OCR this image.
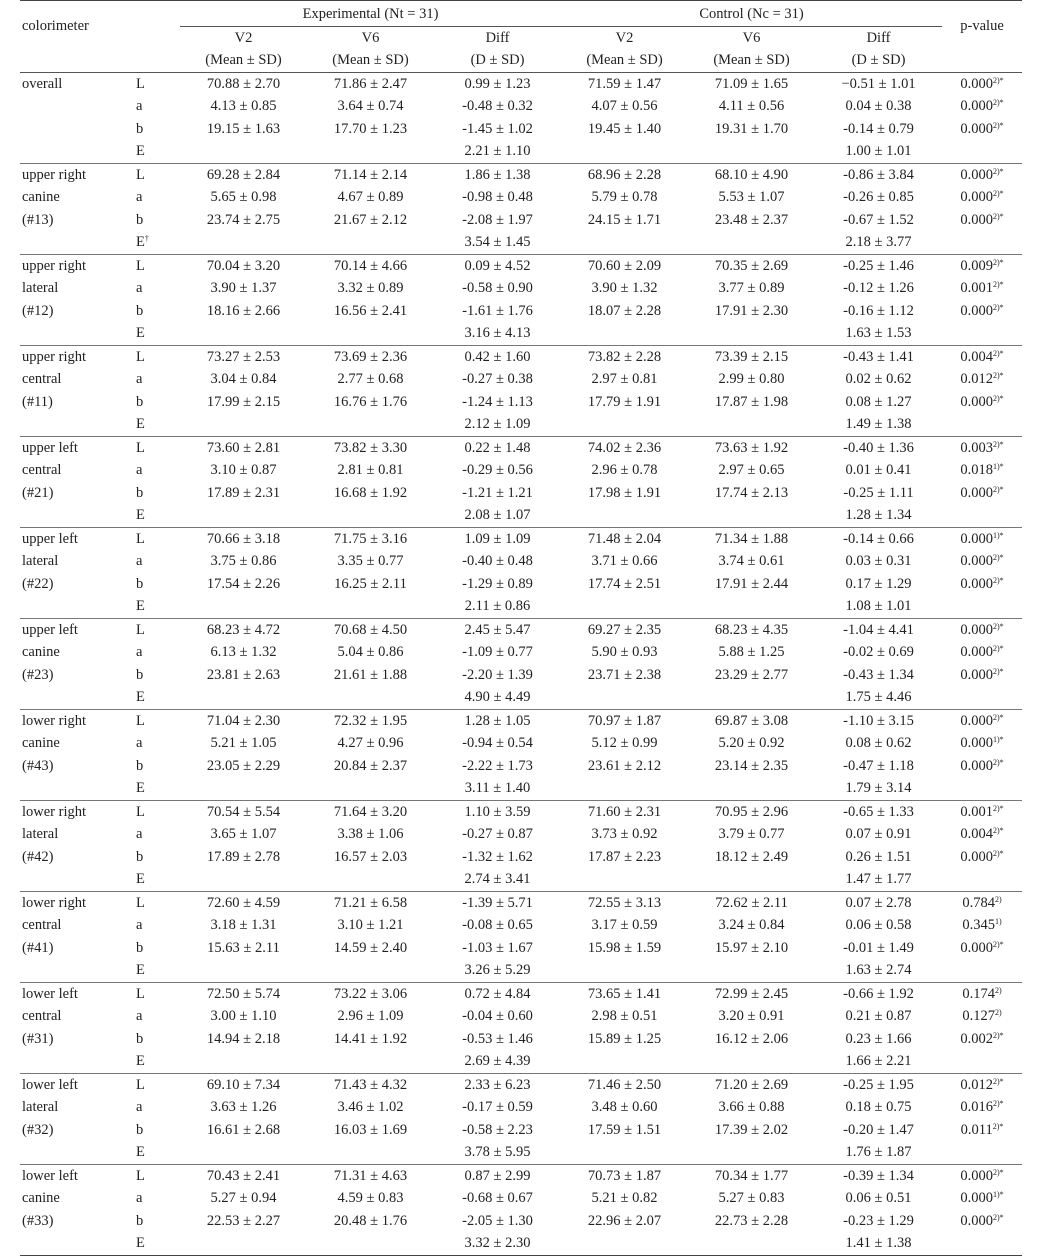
colorimeter		Experimental (Nt = 31)			Control (Nc = 31)			p-value
		V2	V6	Diff	V2	V6	Diff	
		(Mean ± SD)	(Mean ± SD)	(D ± SD)	(Mean ± SD)	(Mean ± SD)	(D ± SD)	
overall	L	70.88 ± 2.70	71.86 ± 2.47	0.99 ± 1.23	71.59 ± 1.47	71.09 ± 1.65	−0.51 ± 1.01	$0.000^{2)*}$
	a	4.13 ± 0.85	3.64 ± 0.74	-0.48 ± 0.32	4.07 ± 0.56	4.11 ± 0.56	0.04 ± 0.38	$0.000^{2)*}$
	b	19.15 ± 1.63	17.70 ± 1.23	-1.45 ± 1.02	19.45 ± 1.40	19.31 ± 1.70	-0.14 ± 0.79	$0.000^{2)*}$
	E			2.21 ± 1.10			1.00 ± 1.01	
upper right	L	69.28 ± 2.84	71.14 ± 2.14	1.86 ± 1.38	68.96 ± 2.28	68.10 ± 4.90	-0.86 ± 3.84	$0.000^{2)*}$
canine	a	5.65 ± 0.98	4.67 ± 0.89	-0.98 ± 0.48	5.79 ± 0.78	5.53 ± 1.07	-0.26 ± 0.85	$0.000^{2)*}$
(#13)	b	23.74 ± 2.75	21.67 ± 2.12	-2.08 ± 1.97	24.15 ± 1.71	23.48 ± 2.37	-0.67 ± 1.52	$0.000^{2)*}$
	E†			3.54 ± 1.45			2.18 ± 3.77	
upper right	L	70.04 ± 3.20	70.14 ± 4.66	0.09 ± 4.52	70.60 ± 2.09	70.35 ± 2.69	-0.25 ± 1.46	$0.009^{2)*}$
lateral	a	3.90 ± 1.37	3.32 ± 0.89	-0.58 ± 0.90	3.90 ± 1.32	3.77 ± 0.89	-0.12 ± 1.26	$0.001^{2)*}$
(#12)	b	18.16 ± 2.66	16.56 ± 2.41	-1.61 ± 1.76	18.07 ± 2.28	17.91 ± 2.30	-0.16 ± 1.12	$0.000^{2)*}$
	E			3.16 ± 4.13			1.63 ± 1.53	
upper right	L	73.27 ± 2.53	73.69 ± 2.36	0.42 ± 1.60	73.82 ± 2.28	73.39 ± 2.15	-0.43 ± 1.41	$0.004^{2)*}$
central	a	3.04 ± 0.84	2.77 ± 0.68	-0.27 ± 0.38	2.97 ± 0.81	2.99 ± 0.80	0.02 ± 0.62	$0.012^{2)*}$
(#11)	b	17.99 ± 2.15	16.76 ± 1.76	-1.24 ± 1.13	17.79 ± 1.91	17.87 ± 1.98	0.08 ± 1.27	$0.000^{2)*}$
	E			2.12 ± 1.09			1.49 ± 1.38	
upper left	L	73.60 ± 2.81	73.82 ± 3.30	0.22 ± 1.48	74.02 ± 2.36	73.63 ± 1.92	-0.40 ± 1.36	$0.003^{2)*}$
central	a	3.10 ± 0.87	2.81 ± 0.81	-0.29 ± 0.56	2.96 ± 0.78	2.97 ± 0.65	0.01 ± 0.41	$0.018^{1)*}$
(#21)	b	17.89 ± 2.31	16.68 ± 1.92	-1.21 ± 1.21	17.98 ± 1.91	17.74 ± 2.13	-0.25 ± 1.11	$0.000^{2)*}$
	E			2.08 ± 1.07			1.28 ± 1.34	
upper left	L	70.66 ± 3.18	71.75 ± 3.16	1.09 ± 1.09	71.48 ± 2.04	71.34 ± 1.88	-0.14 ± 0.66	$0.000^{1)*}$
lateral	a	3.75 ± 0.86	3.35 ± 0.77	-0.40 ± 0.48	3.71 ± 0.66	3.74 ± 0.61	0.03 ± 0.31	$0.000^{2)*}$
(#22)	b	17.54 ± 2.26	16.25 ± 2.11	-1.29 ± 0.89	17.74 ± 2.51	17.91 ± 2.44	0.17 ± 1.29	$0.000^{2)*}$
	E			2.11 ± 0.86			1.08 ± 1.01	
upper left	L	68.23 ± 4.72	70.68 ± 4.50	2.45 ± 5.47	69.27 ± 2.35	68.23 ± 4.35	-1.04 ± 4.41	$0.000^{2)*}$
canine	a	6.13 ± 1.32	5.04 ± 0.86	-1.09 ± 0.77	5.90 ± 0.93	5.88 ± 1.25	-0.02 ± 0.69	$0.000^{2)*}$
(#23)	b	23.81 ± 2.63	21.61 ± 1.88	-2.20 ± 1.39	23.71 ± 2.38	23.29 ± 2.77	-0.43 ± 1.34	$0.000^{2)*}$
	E			4.90 ± 4.49			1.75 ± 4.46	
lower right	L	71.04 ± 2.30	72.32 ± 1.95	1.28 ± 1.05	70.97 ± 1.87	69.87 ± 3.08	-1.10 ± 3.15	$0.000^{2)*}$
canine	a	5.21 ± 1.05	4.27 ± 0.96	-0.94 ± 0.54	5.12 ± 0.99	5.20 ± 0.92	0.08 ± 0.62	$0.000^{1)*}$
(#43)	b	23.05 ± 2.29	20.84 ± 2.37	-2.22 ± 1.73	23.61 ± 2.12	23.14 ± 2.35	-0.47 ± 1.18	$0.000^{2)*}$
	E			3.11 ± 1.40			1.79 ± 3.14	
lower right	L	70.54 ± 5.54	71.64 ± 3.20	1.10 ± 3.59	71.60 ± 2.31	70.95 ± 2.96	-0.65 ± 1.33	$0.001^{2)*}$
lateral	a	3.65 ± 1.07	3.38 ± 1.06	-0.27 ± 0.87	3.73 ± 0.92	3.79 ± 0.77	0.07 ± 0.91	$0.004^{2)*}$
(#42)	b	17.89 ± 2.78	16.57 ± 2.03	-1.32 ± 1.62	17.87 ± 2.23	18.12 ± 2.49	0.26 ± 1.51	$0.000^{2)*}$
	E			2.74 ± 3.41			1.47 ± 1.77	
lower right	L	72.60 ± 4.59	71.21 ± 6.58	-1.39 ± 5.71	72.55 ± 3.13	72.62 ± 2.11	0.07 ± 2.78	0.784$^{2)}$
central	a	3.18 ± 1.31	3.10 ± 1.21	-0.08 ± 0.65	3.17 ± 0.59	3.24 ± 0.84	0.06 ± 0.58	0.345$^{1)}$
(#41)	b	15.63 ± 2.11	14.59 ± 2.40	-1.03 ± 1.67	15.98 ± 1.59	15.97 ± 2.10	-0.01 ± 1.49	$0.000^{2)*}$
	E			3.26 ± 5.29			1.63 ± 2.74	
lower left	L	72.50 ± 5.74	73.22 ± 3.06	0.72 ± 4.84	73.65 ± 1.41	72.99 ± 2.45	-0.66 ± 1.92	0.174$^{2)}$
central	a	3.00 ± 1.10	2.96 ± 1.09	-0.04 ± 0.60	2.98 ± 0.51	3.20 ± 0.91	0.21 ± 0.87	0.127$^{2)}$
(#31)	b	14.94 ± 2.18	14.41 ± 1.92	-0.53 ± 1.46	15.89 ± 1.25	16.12 ± 2.06	0.23 ± 1.66	$0.002^{2)*}$
	E			2.69 ± 4.39			1.66 ± 2.21	
lower left	L	69.10 ± 7.34	71.43 ± 4.32	2.33 ± 6.23	71.46 ± 2.50	71.20 ± 2.69	-0.25 ± 1.95	$0.012^{2)*}$
lateral	a	3.63 ± 1.26	3.46 ± 1.02	-0.17 ± 0.59	3.48 ± 0.60	3.66 ± 0.88	0.18 ± 0.75	$0.016^{2)*}$
(#32)	b	16.61 ± 2.68	16.03 ± 1.69	-0.58 ± 2.23	17.59 ± 1.51	17.39 ± 2.02	-0.20 ± 1.47	$0.011^{2)*}$
	E			3.78 ± 5.95			1.76 ± 1.87	
lower left	L	70.43 ± 2.41	71.31 ± 4.63	0.87 ± 2.99	70.73 ± 1.87	70.34 ± 1.77	-0.39 ± 1.34	$0.000^{2)*}$
canine	a	5.27 ± 0.94	4.59 ± 0.83	-0.68 ± 0.67	5.21 ± 0.82	5.27 ± 0.83	0.06 ± 0.51	$0.000^{1)*}$
(#33)	b	22.53 ± 2.27	20.48 ± 1.76	-2.05 ± 1.30	22.96 ± 2.07	22.73 ± 2.28	-0.23 ± 1.29	$0.000^{2)*}$
	E			3.32 ± 2.30			1.41 ± 1.38	
